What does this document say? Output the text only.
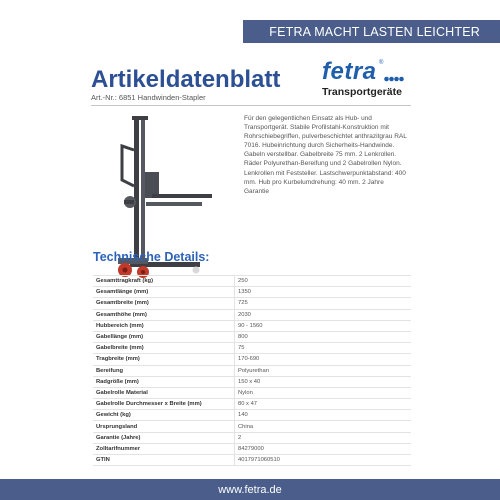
FETRA MACHT LASTEN LEICHTER
Artikeldatenblatt
Art.-Nr.: 6851 Handwinden-Stapler
fetra ®
Transportgeräte

Für den gelegentlichen Einsatz als Hub- und Transportgerät. Stabile Profilstahl-Konstruktion mit Rohrschiebegriffen, pulverbeschichtet anthrazitgrau RAL 7016. Hubeinrichtung durch Sicherheits-Handwinde. Gabeln verstellbar. Gabelbreite 75 mm. 2 Lenkrollen. Räder Polyurethan-Bereifung und 2 Gabelrollen Nylon. Lenkrollen mit Feststeller. Lastschwerpunktabstand: 400 mm. Hub pro Kurbelumdrehung: 40 mm. 2 Jahre Garantie

Technische Details:
Gesamttragkraft (kg)	250
Gesamtlänge (mm)	1350
Gesamtbreite (mm)	725
Gesamthöhe (mm)	2030
Hubbereich (mm)	90 - 1560
Gabellänge (mm)	800
Gabelbreite (mm)	75
Tragbreite (mm)	170-690
Bereifung	Polyurethan
Radgröße (mm)	150 x 40
Gabelrolle Material	Nylon
Gabelrolle Durchmesser x Breite (mm)	80 x 47
Gewicht (kg)	140
Ursprungsland	China
Garantie (Jahre)	2
Zolltarifnummer	84279000
GTIN	4017971060510
www.fetra.de
